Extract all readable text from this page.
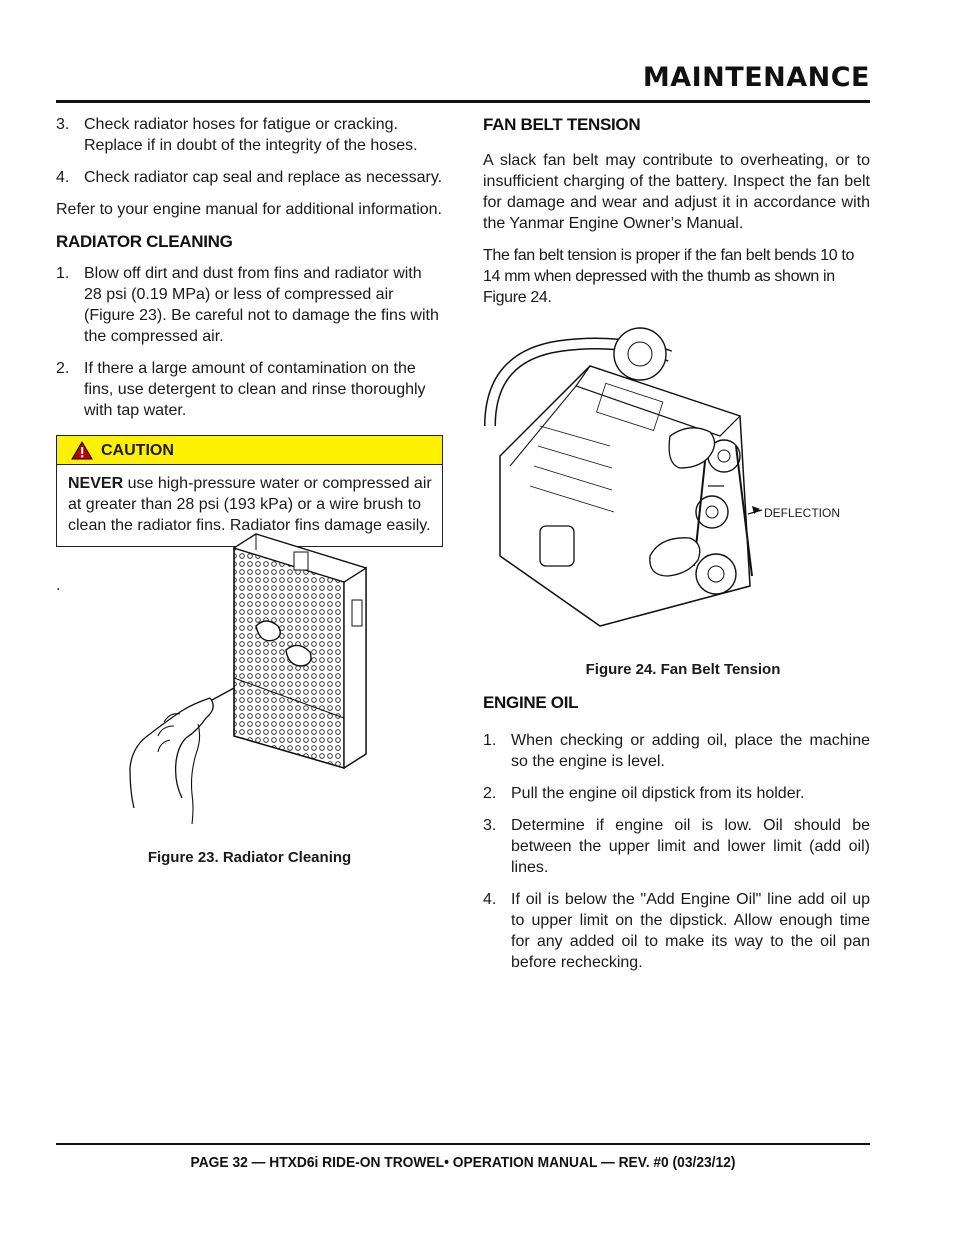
MAINTENANCE
3. Check radiator hoses for fatigue or cracking. Replace if in doubt of the integrity of the hoses.
4. Check radiator cap seal and replace as necessary.

Refer to your engine manual for additional information.

RADIATOR CLEANING
1. Blow off dirt and dust from fins and radiator with 28 psi (0.19 MPa) or less of compressed air (Figure 23). Be careful not to damage the fins with the compressed air.
2. If there a large amount of contamination on the fins, use detergent to clean and rinse thoroughly with tap water.
CAUTION
NEVER use high-pressure water or compressed air at greater than 28 psi (193 kPa) or a wire brush to clean the radiator fins. Radiator fins damage easily.

.

Figure 23. Radiator Cleaning
FAN BELT TENSION

A slack fan belt may contribute to overheating, or to insufficient charging of the battery. Inspect the fan belt for damage and wear and adjust it in accordance with the Yanmar Engine Owner’s Manual.

The fan belt tension is proper if the fan belt bends 10 to 14 mm when depressed with the thumb as shown in Figure 24.

DEFLECTION
Figure 24. Fan Belt Tension
ENGINE OIL
1. When checking or adding oil, place the machine so the engine is level.
2. Pull the engine oil dipstick from its holder.
3. Determine if engine oil is low. Oil should be between the upper limit and lower limit (add oil) lines.
4. If oil is below the "Add Engine Oil" line add oil up to upper limit on the dipstick. Allow enough time for any added oil to make its way to the oil pan before rechecking.
PAGE 32 — HTXD6i RIDE-ON TROWEL• OPERATION MANUAL — REV. #0 (03/23/12)
